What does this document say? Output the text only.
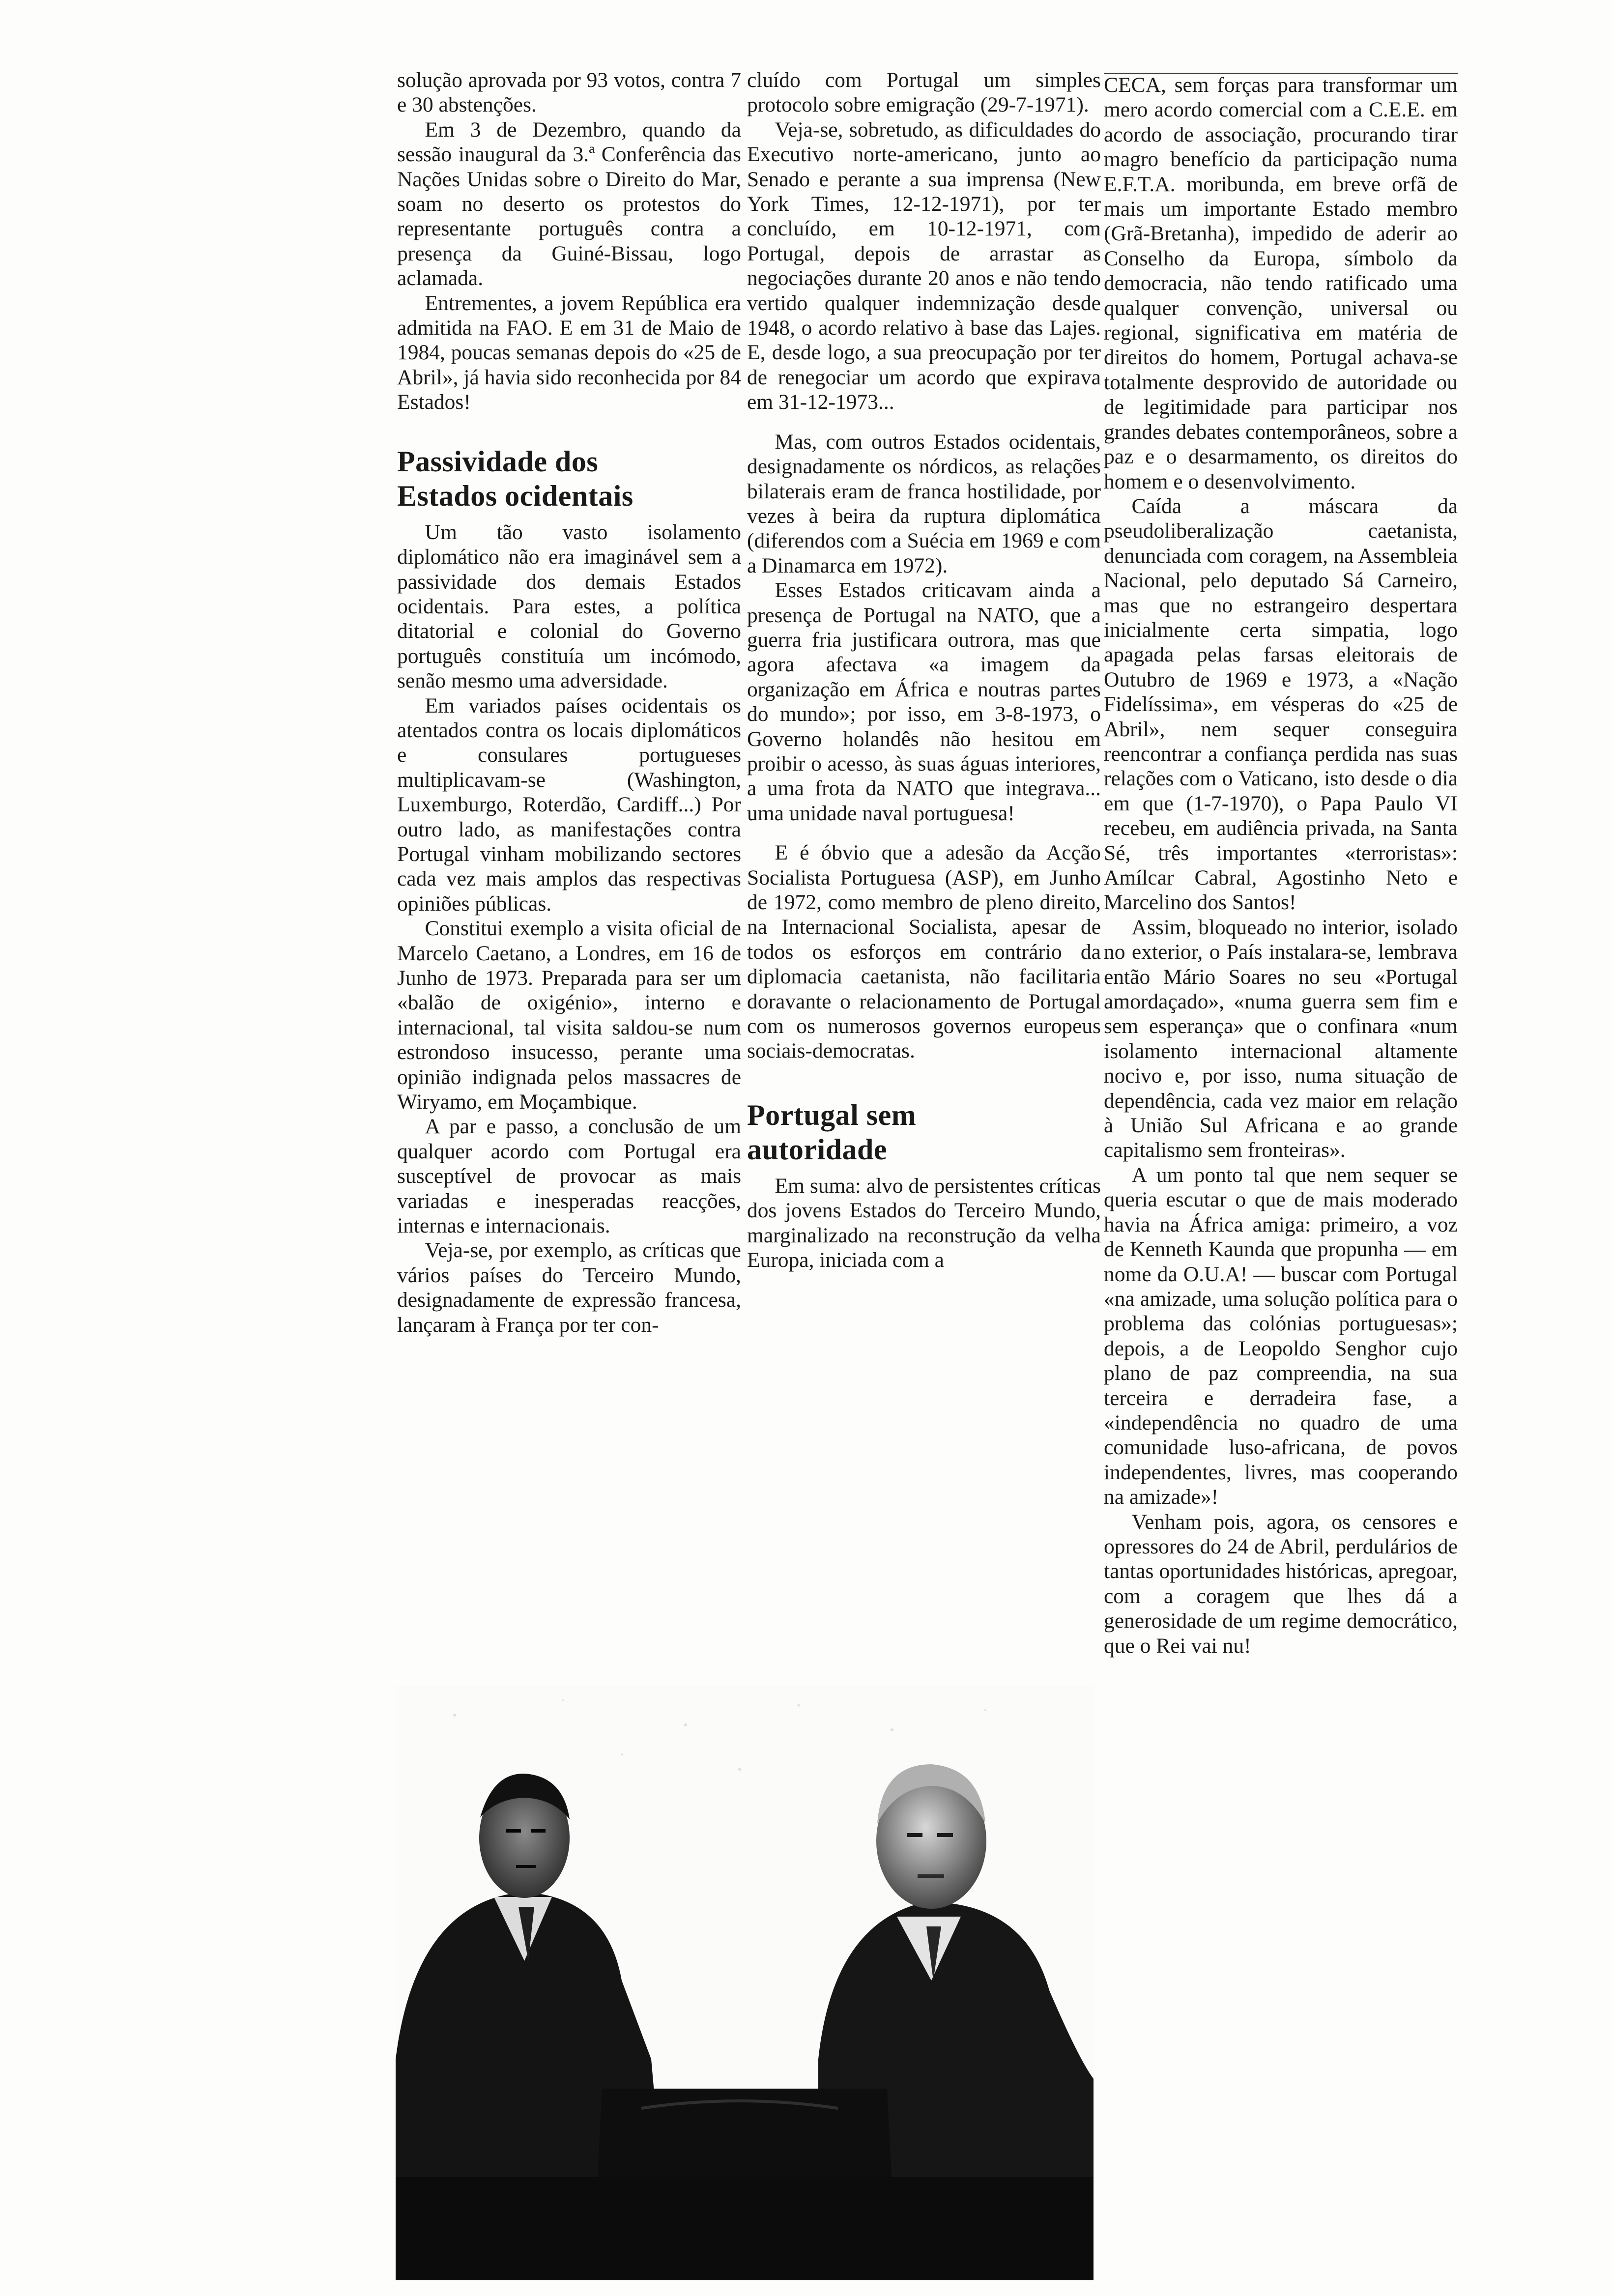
solução aprovada por 93 votos, contra 7 e 30 abstenções.

Em 3 de Dezembro, quando da sessão inaugural da 3.ª Conferência das Nações Unidas sobre o Direito do Mar, soam no deserto os protestos do representante português contra a presença da Guiné-Bissau, logo aclamada.

Entrementes, a jovem República era admitida na FAO. E em 31 de Maio de 1984, poucas semanas depois do «25 de Abril», já havia sido reconhecida por 84 Estados!

Passividade dos
Estados ocidentais

Um tão vasto isolamento diplomático não era imaginável sem a passividade dos demais Estados ocidentais. Para estes, a política ditatorial e colonial do Governo português constituía um incómodo, senão mesmo uma adversidade.

Em variados países ocidentais os atentados contra os locais diplomáticos e consulares portugueses multiplicavam-se (Washington, Luxemburgo, Roterdão, Cardiff...) Por outro lado, as manifestações contra Portugal vinham mobilizando sectores cada vez mais amplos das respectivas opiniões públicas.

Constitui exemplo a visita oficial de Marcelo Caetano, a Londres, em 16 de Junho de 1973. Preparada para ser um «balão de oxigénio», interno e internacional, tal visita saldou-se num estrondoso insucesso, perante uma opinião indignada pelos massacres de Wiryamo, em Moçambique.

A par e passo, a conclusão de um qualquer acordo com Portugal era susceptível de provocar as mais variadas e inesperadas reacções, internas e internacionais.

Veja-se, por exemplo, as críticas que vários países do Terceiro Mundo, designadamente de expressão francesa, lançaram à França por ter con-

cluído com Portugal um simples protocolo sobre emigração (29-7-1971).

Veja-se, sobretudo, as dificuldades do Executivo norte-americano, junto ao Senado e perante a sua imprensa (New York Times, 12-12-1971), por ter concluído, em 10-12-1971, com Portugal, depois de arrastar as negociações durante 20 anos e não tendo vertido qualquer indemnização desde 1948, o acordo relativo à base das Lajes. E, desde logo, a sua preocupação por ter de renegociar um acordo que expirava em 31-12-1973...

Mas, com outros Estados ocidentais, designadamente os nórdicos, as relações bilaterais eram de franca hostilidade, por vezes à beira da ruptura diplomática (diferendos com a Suécia em 1969 e com a Dinamarca em 1972).

Esses Estados criticavam ainda a presença de Portugal na NATO, que a guerra fria justificara outrora, mas que agora afectava «a imagem da organização em África e noutras partes do mundo»; por isso, em 3-8-1973, o Governo holandês não hesitou em proibir o acesso, às suas águas interiores, a uma frota da NATO que integrava... uma unidade naval portuguesa!

E é óbvio que a adesão da Acção Socialista Portuguesa (ASP), em Junho de 1972, como membro de pleno direito, na Internacional Socialista, apesar de todos os esforços em contrário da diplomacia caetanista, não facilitaria doravante o relacionamento de Portugal com os numerosos governos europeus sociais-democratas.

Portugal sem
autoridade

Em suma: alvo de persistentes críticas dos jovens Estados do Terceiro Mundo, marginalizado na reconstrução da velha Europa, iniciada com a

CECA, sem forças para transformar um mero acordo comercial com a C.E.E. em acordo de associação, procurando tirar magro benefício da participação numa E.F.T.A. moribunda, em breve orfã de mais um importante Estado membro (Grã-Bretanha), impedido de aderir ao Conselho da Europa, símbolo da democracia, não tendo ratificado uma qualquer convenção, universal ou regional, significativa em matéria de direitos do homem, Portugal achava-se totalmente desprovido de autoridade ou de legitimidade para participar nos grandes debates contemporâneos, sobre a paz e o desarmamento, os direitos do homem e o desenvolvimento.

Caída a máscara da pseudoliberalização caetanista, denunciada com coragem, na Assembleia Nacional, pelo deputado Sá Carneiro, mas que no estrangeiro despertara inicialmente certa simpatia, logo apagada pelas farsas eleitorais de Outubro de 1969 e 1973, a «Nação Fidelíssima», em vésperas do «25 de Abril», nem sequer conseguira reencontrar a confiança perdida nas suas relações com o Vaticano, isto desde o dia em que (1-7-1970), o Papa Paulo VI recebeu, em audiência privada, na Santa Sé, três importantes «terroristas»: Amílcar Cabral, Agostinho Neto e Marcelino dos Santos!

Assim, bloqueado no interior, isolado no exterior, o País instalara-se, lembrava então Mário Soares no seu «Portugal amordaçado», «numa guerra sem fim e sem esperança» que o confinara «num isolamento internacional altamente nocivo e, por isso, numa situação de dependência, cada vez maior em relação à União Sul Africana e ao grande capitalismo sem fronteiras».

A um ponto tal que nem sequer se queria escutar o que de mais moderado havia na África amiga: primeiro, a voz de Kenneth Kaunda que propunha — em nome da O.U.A! — buscar com Portugal «na amizade, uma solução política para o problema das colónias portuguesas»; depois, a de Leopoldo Senghor cujo plano de paz compreendia, na sua terceira e derradeira fase, a «independência no quadro de uma comunidade luso-africana, de povos independentes, livres, mas cooperando na amizade»!

Venham pois, agora, os censores e opressores do 24 de Abril, perdulários de tantas oportunidades históricas, apregoar, com a coragem que lhes dá a generosidade de um regime democrático, que o Rei vai nu!
